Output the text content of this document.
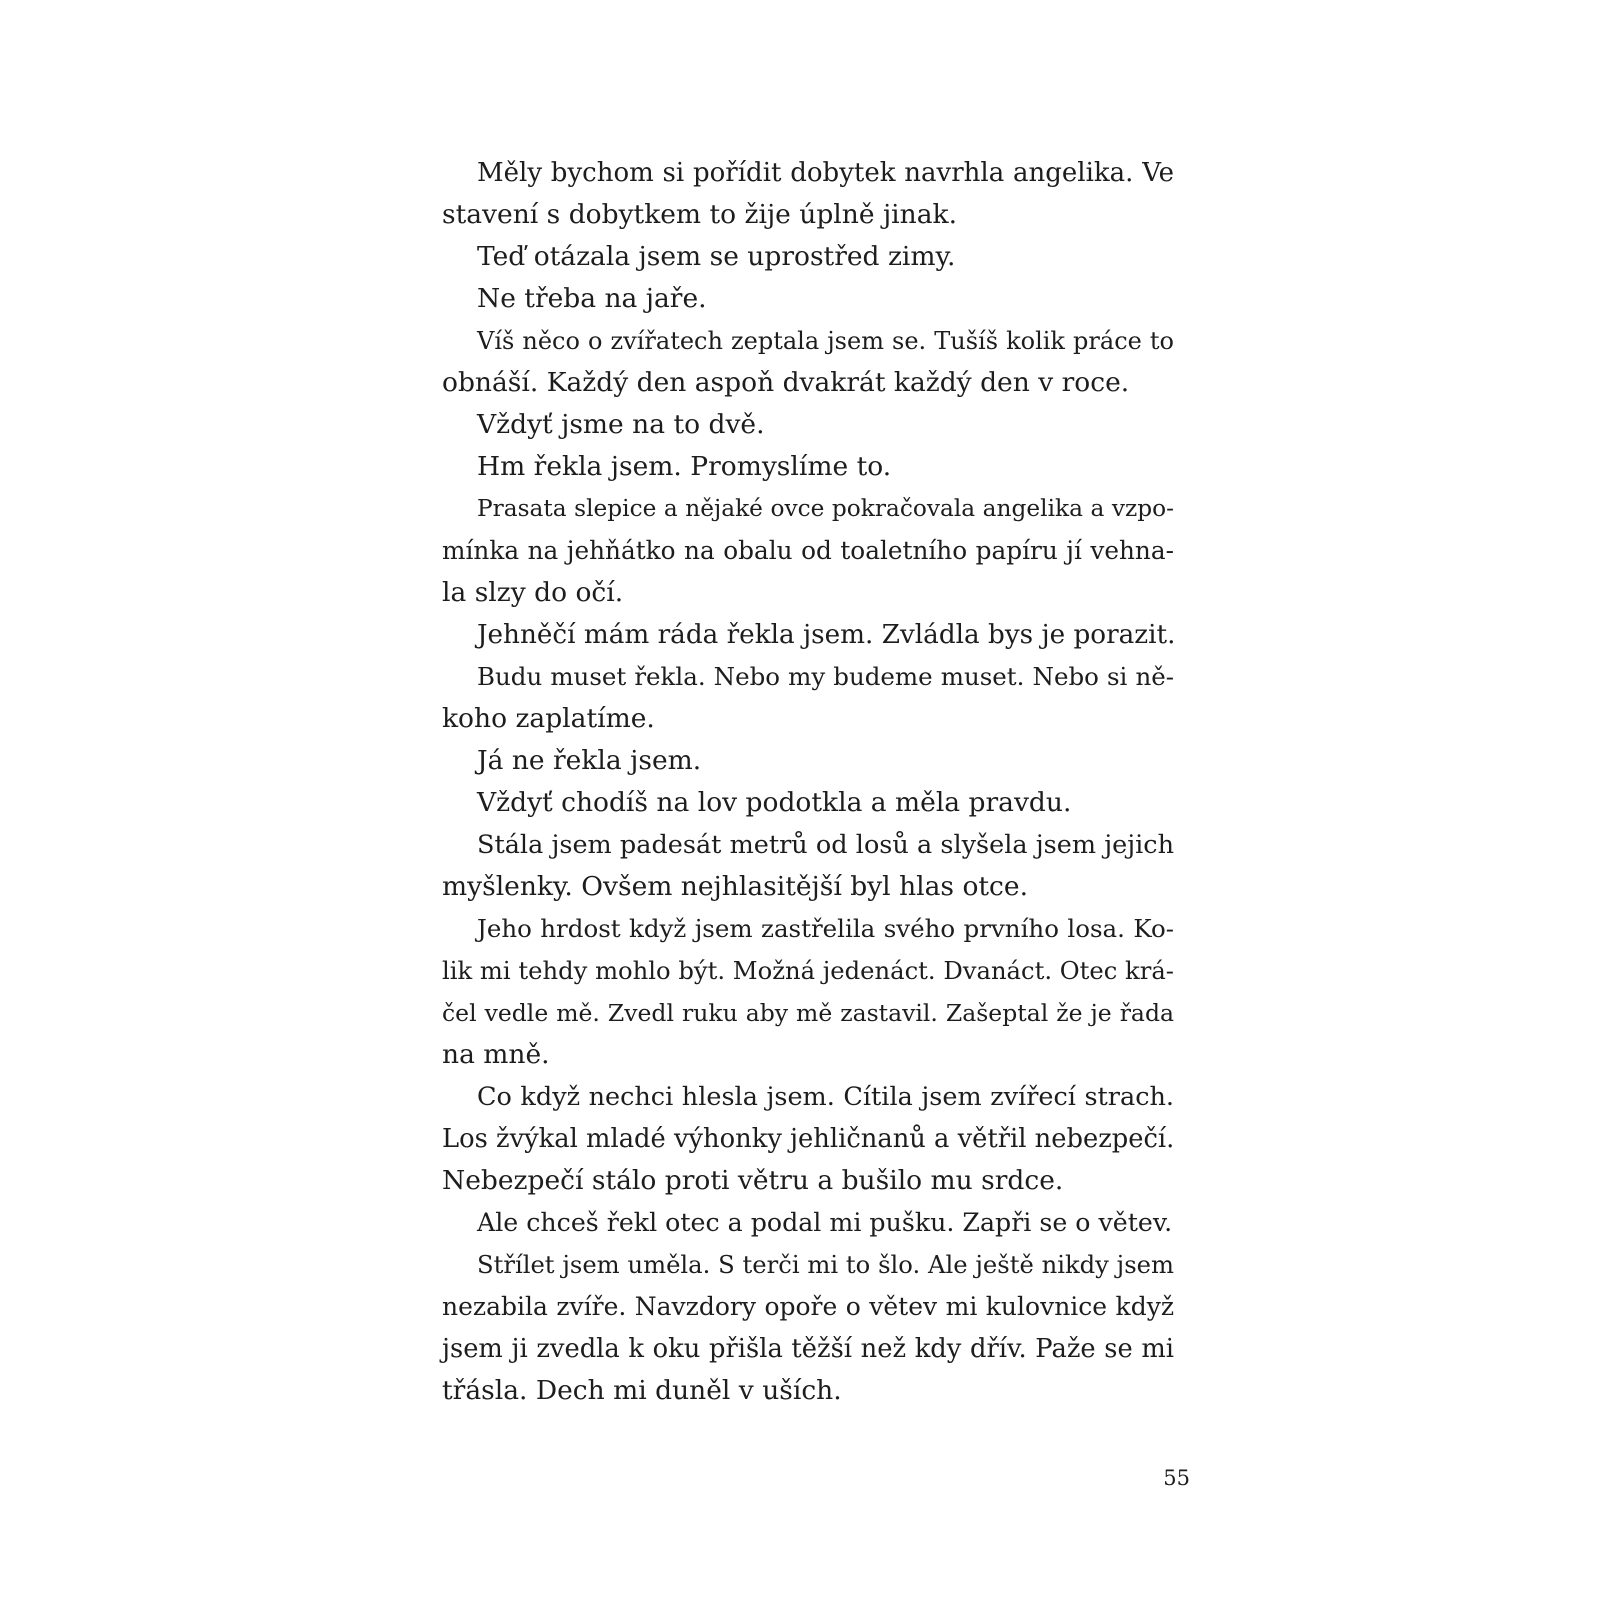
Měly bychom si pořídit dobytek navrhla angelika. Ve
stavení s dobytkem to žije úplně jinak.
Teď otázala jsem se uprostřed zimy.
Ne třeba na jaře.
Víš něco o zvířatech zeptala jsem se. Tušíš kolik práce to
obnáší. Každý den aspoň dvakrát každý den v roce.
Vždyť jsme na to dvě.
Hm řekla jsem. Promyslíme to.
Prasata slepice a nějaké ovce pokračovala angelika a vzpo-
mínka na jehňátko na obalu od toaletního papíru jí vehna-
la slzy do očí.
Jehněčí mám ráda řekla jsem. Zvládla bys je porazit.
Budu muset řekla. Nebo my budeme muset. Nebo si ně-
koho zaplatíme.
Já ne řekla jsem.
Vždyť chodíš na lov podotkla a měla pravdu.
Stála jsem padesát metrů od losů a slyšela jsem jejich
myšlenky. Ovšem nejhlasitější byl hlas otce.
Jeho hrdost když jsem zastřelila svého prvního losa. Ko-
lik mi tehdy mohlo být. Možná jedenáct. Dvanáct. Otec krá-
čel vedle mě. Zvedl ruku aby mě zastavil. Zašeptal že je řada
na mně.
Co když nechci hlesla jsem. Cítila jsem zvířecí strach.
Los žvýkal mladé výhonky jehličnanů a větřil nebezpečí.
Nebezpečí stálo proti větru a bušilo mu srdce.
Ale chceš řekl otec a podal mi pušku. Zapři se o větev.
Střílet jsem uměla. S terči mi to šlo. Ale ještě nikdy jsem
nezabila zvíře. Navzdory opoře o větev mi kulovnice když
jsem ji zvedla k oku přišla těžší než kdy dřív. Paže se mi
třásla. Dech mi duněl v uších.
55
